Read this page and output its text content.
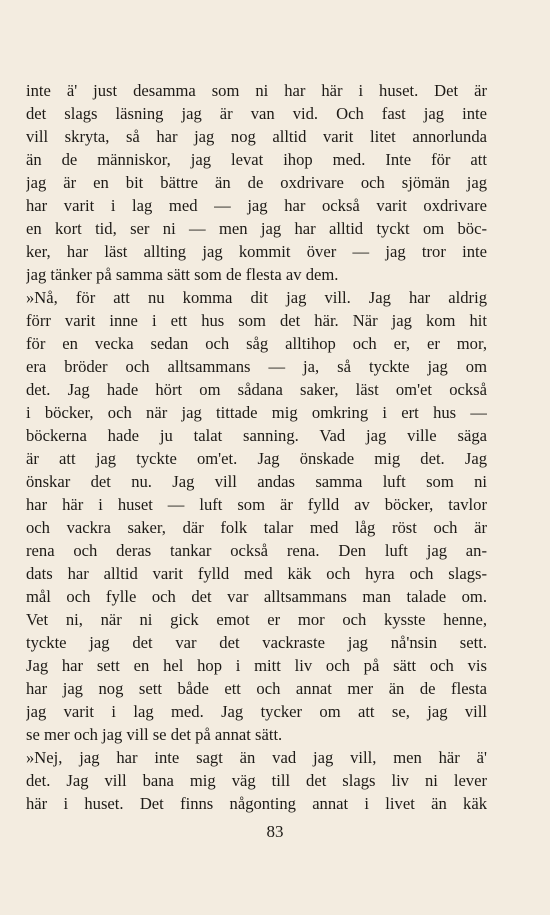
inte ä' just desamma som ni har här i huset. Det är
det slags läsning jag är van vid. Och fast jag inte
vill skryta, så har jag nog alltid varit litet annorlunda
än de människor, jag levat ihop med. Inte för att
jag är en bit bättre än de oxdrivare och sjömän jag
har varit i lag med — jag har också varit oxdrivare
en kort tid, ser ni — men jag har alltid tyckt om böc-
ker, har läst allting jag kommit över — jag tror inte
jag tänker på samma sätt som de flesta av dem.
»Nå, för att nu komma dit jag vill. Jag har aldrig
förr varit inne i ett hus som det här. När jag kom hit
för en vecka sedan och såg alltihop och er, er mor,
era bröder och alltsammans — ja, så tyckte jag om
det. Jag hade hört om sådana saker, läst om'et också
i böcker, och när jag tittade mig omkring i ert hus —
böckerna hade ju talat sanning. Vad jag ville säga
är att jag tyckte om'et. Jag önskade mig det. Jag
önskar det nu. Jag vill andas samma luft som ni
har här i huset — luft som är fylld av böcker, tavlor
och vackra saker, där folk talar med låg röst och är
rena och deras tankar också rena. Den luft jag an-
dats har alltid varit fylld med käk och hyra och slags-
mål och fylle och det var alltsammans man talade om.
Vet ni, när ni gick emot er mor och kysste henne,
tyckte jag det var det vackraste jag nå'nsin sett.
Jag har sett en hel hop i mitt liv och på sätt och vis
har jag nog sett både ett och annat mer än de flesta
jag varit i lag med. Jag tycker om att se, jag vill
se mer och jag vill se det på annat sätt.
»Nej, jag har inte sagt än vad jag vill, men här ä'
det. Jag vill bana mig väg till det slags liv ni lever
här i huset. Det finns någonting annat i livet än käk
83
